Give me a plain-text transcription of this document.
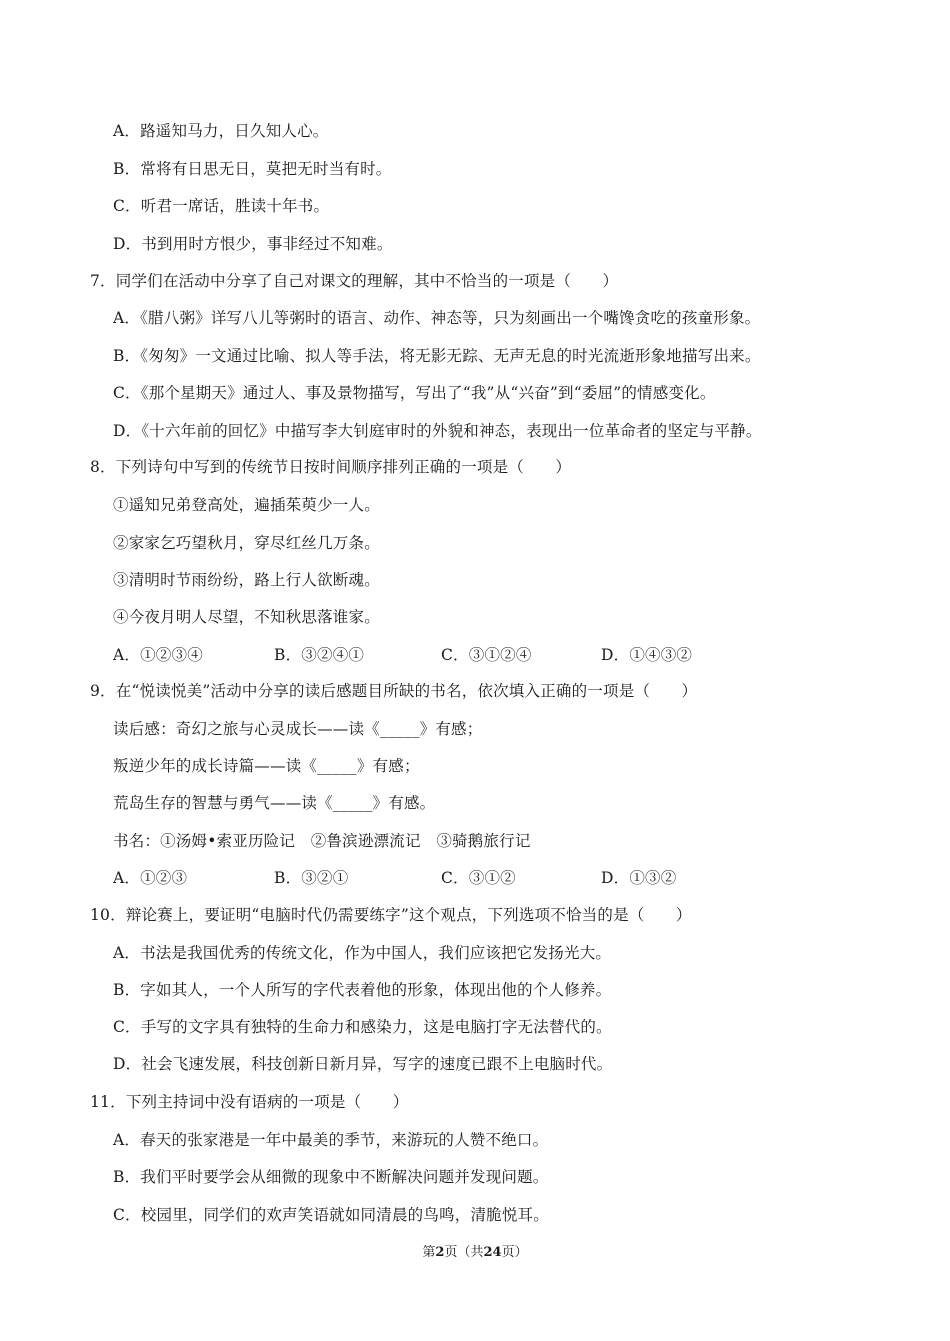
A．路遥知马力，日久知人心。
B．常将有日思无日，莫把无时当有时。
C．听君一席话，胜读十年书。
D．书到用时方恨少，事非经过不知难。
7．同学们在活动中分享了自己对课文的理解，其中不恰当的一项是（　　）
A．《腊八粥》详写八儿等粥时的语言、动作、神态等，只为刻画出一个嘴馋贪吃的孩童形象。
B．《匆匆》一文通过比喻、拟人等手法，将无影无踪、无声无息的时光流逝形象地描写出来。
C．《那个星期天》通过人、事及景物描写，写出了“我”从“兴奋”到“委屈”的情感变化。
D．《十六年前的回忆》中描写李大钊庭审时的外貌和神态，表现出一位革命者的坚定与平静。
8．下列诗句中写到的传统节日按时间顺序排列正确的一项是（　　）
①遥知兄弟登高处，遍插茱萸少一人。
②家家乞巧望秋月，穿尽红丝几万条。
③清明时节雨纷纷，路上行人欲断魂。
④今夜月明人尽望，不知秋思落谁家。
A．①②③④	B．③②④①	C．③①②④	D．①④③②
9．在“悦读悦美”活动中分享的读后感题目所缺的书名，依次填入正确的一项是（　　）
读后感：奇幻之旅与心灵成长——读《_____》有感；
叛逆少年的成长诗篇——读《_____》有感；
荒岛生存的智慧与勇气——读《_____》有感。
书名：①汤姆•索亚历险记　②鲁滨逊漂流记　③骑鹅旅行记
A．①②③	B．③②①	C．③①②	D．①③②
10．辩论赛上，要证明“电脑时代仍需要练字”这个观点，下列选项不恰当的是（　　）
A．书法是我国优秀的传统文化，作为中国人，我们应该把它发扬光大。
B．字如其人，一个人所写的字代表着他的形象，体现出他的个人修养。
C．手写的文字具有独特的生命力和感染力，这是电脑打字无法替代的。
D．社会飞速发展，科技创新日新月异，写字的速度已跟不上电脑时代。
11．下列主持词中没有语病的一项是（　　）
A．春天的张家港是一年中最美的季节，来游玩的人赞不绝口。
B．我们平时要学会从细微的现象中不断解决问题并发现问题。
C．校园里，同学们的欢声笑语就如同清晨的鸟鸣，清脆悦耳。
第2页（共24页）
